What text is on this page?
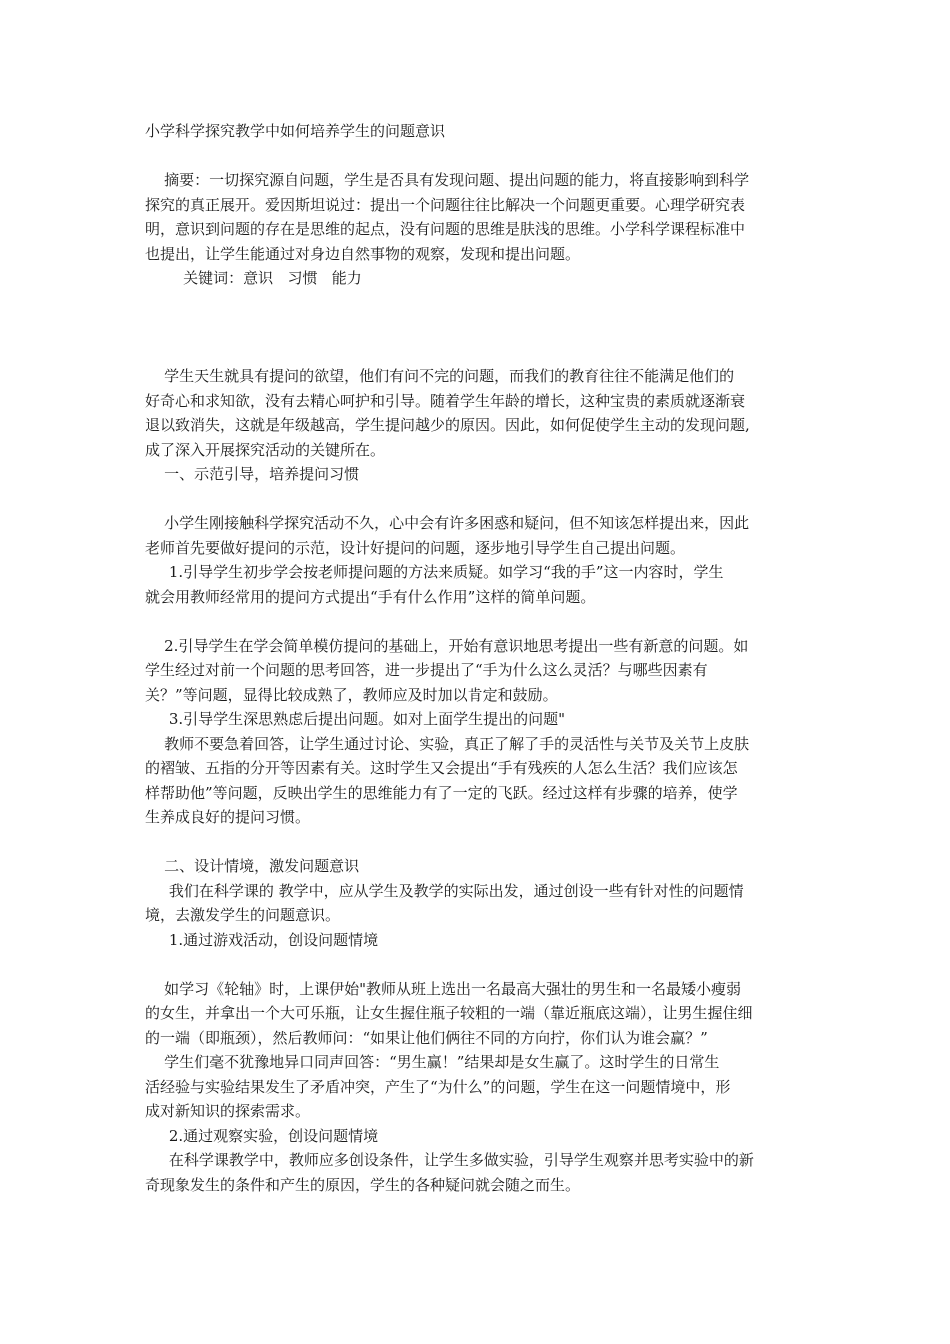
小学科学探究教学中如何培养学生的问题意识
摘要：一切探究源自问题，学生是否具有发现问题、提出问题的能力，将直接影响到科学
探究的真正展开。爱因斯坦说过：提出一个问题往往比解决一个问题更重要。心理学研究表
明，意识到问题的存在是思维的起点，没有问题的思维是肤浅的思维。小学科学课程标准中
也提出，让学生能通过对身边自然事物的观察，发现和提出问题。
关键词：意识   习惯   能力
学生天生就具有提问的欲望，他们有问不完的问题，而我们的教育往往不能满足他们的
好奇心和求知欲，没有去精心呵护和引导。随着学生年龄的增长，这种宝贵的素质就逐渐衰
退以致消失，这就是年级越高，学生提问越少的原因。因此，如何促使学生主动的发现问题,
成了深入开展探究活动的关键所在。
一、示范引导，培养提问习惯
小学生刚接触科学探究活动不久，心中会有许多困惑和疑问，但不知该怎样提出来，因此
老师首先要做好提问的示范，设计好提问的问题，逐步地引导学生自己提出问题。
1.引导学生初步学会按老师提问题的方法来质疑。如学习“我的手”这一内容时，学生
就会用教师经常用的提问方式提出“手有什么作用”这样的简单问题。
2.引导学生在学会简单模仿提问的基础上，开始有意识地思考提出一些有新意的问题。如
学生经过对前一个问题的思考回答，进一步提出了“手为什么这么灵活？与哪些因素有
关？”等问题，显得比较成熟了，教师应及时加以肯定和鼓励。
3.引导学生深思熟虑后提出问题。如对上面学生提出的问题"
教师不要急着回答，让学生通过讨论、实验，真正了解了手的灵活性与关节及关节上皮肤
的褶皱、五指的分开等因素有关。这时学生又会提出“手有残疾的人怎么生活？我们应该怎
样帮助他”等问题，反映出学生的思维能力有了一定的飞跃。经过这样有步骤的培养，使学
生养成良好的提问习惯。
二、设计情境，激发问题意识
我们在科学课的 教学中，应从学生及教学的实际出发，通过创设一些有针对性的问题情
境，去激发学生的问题意识。
1.通过游戏活动，创设问题情境
如学习《轮轴》时，上课伊始"教师从班上选出一名最高大强壮的男生和一名最矮小瘦弱
的女生，并拿出一个大可乐瓶，让女生握住瓶子较粗的一端（靠近瓶底这端），让男生握住细
的一端（即瓶颈），然后教师问：“如果让他们俩往不同的方向拧，你们认为谁会赢？”
学生们毫不犹豫地异口同声回答：“男生赢！”结果却是女生赢了。这时学生的日常生
活经验与实验结果发生了矛盾冲突，产生了“为什么”的问题，学生在这一问题情境中，形
成对新知识的探索需求。
2.通过观察实验，创设问题情境
在科学课教学中，教师应多创设条件，让学生多做实验，引导学生观察并思考实验中的新
奇现象发生的条件和产生的原因，学生的各种疑问就会随之而生。
